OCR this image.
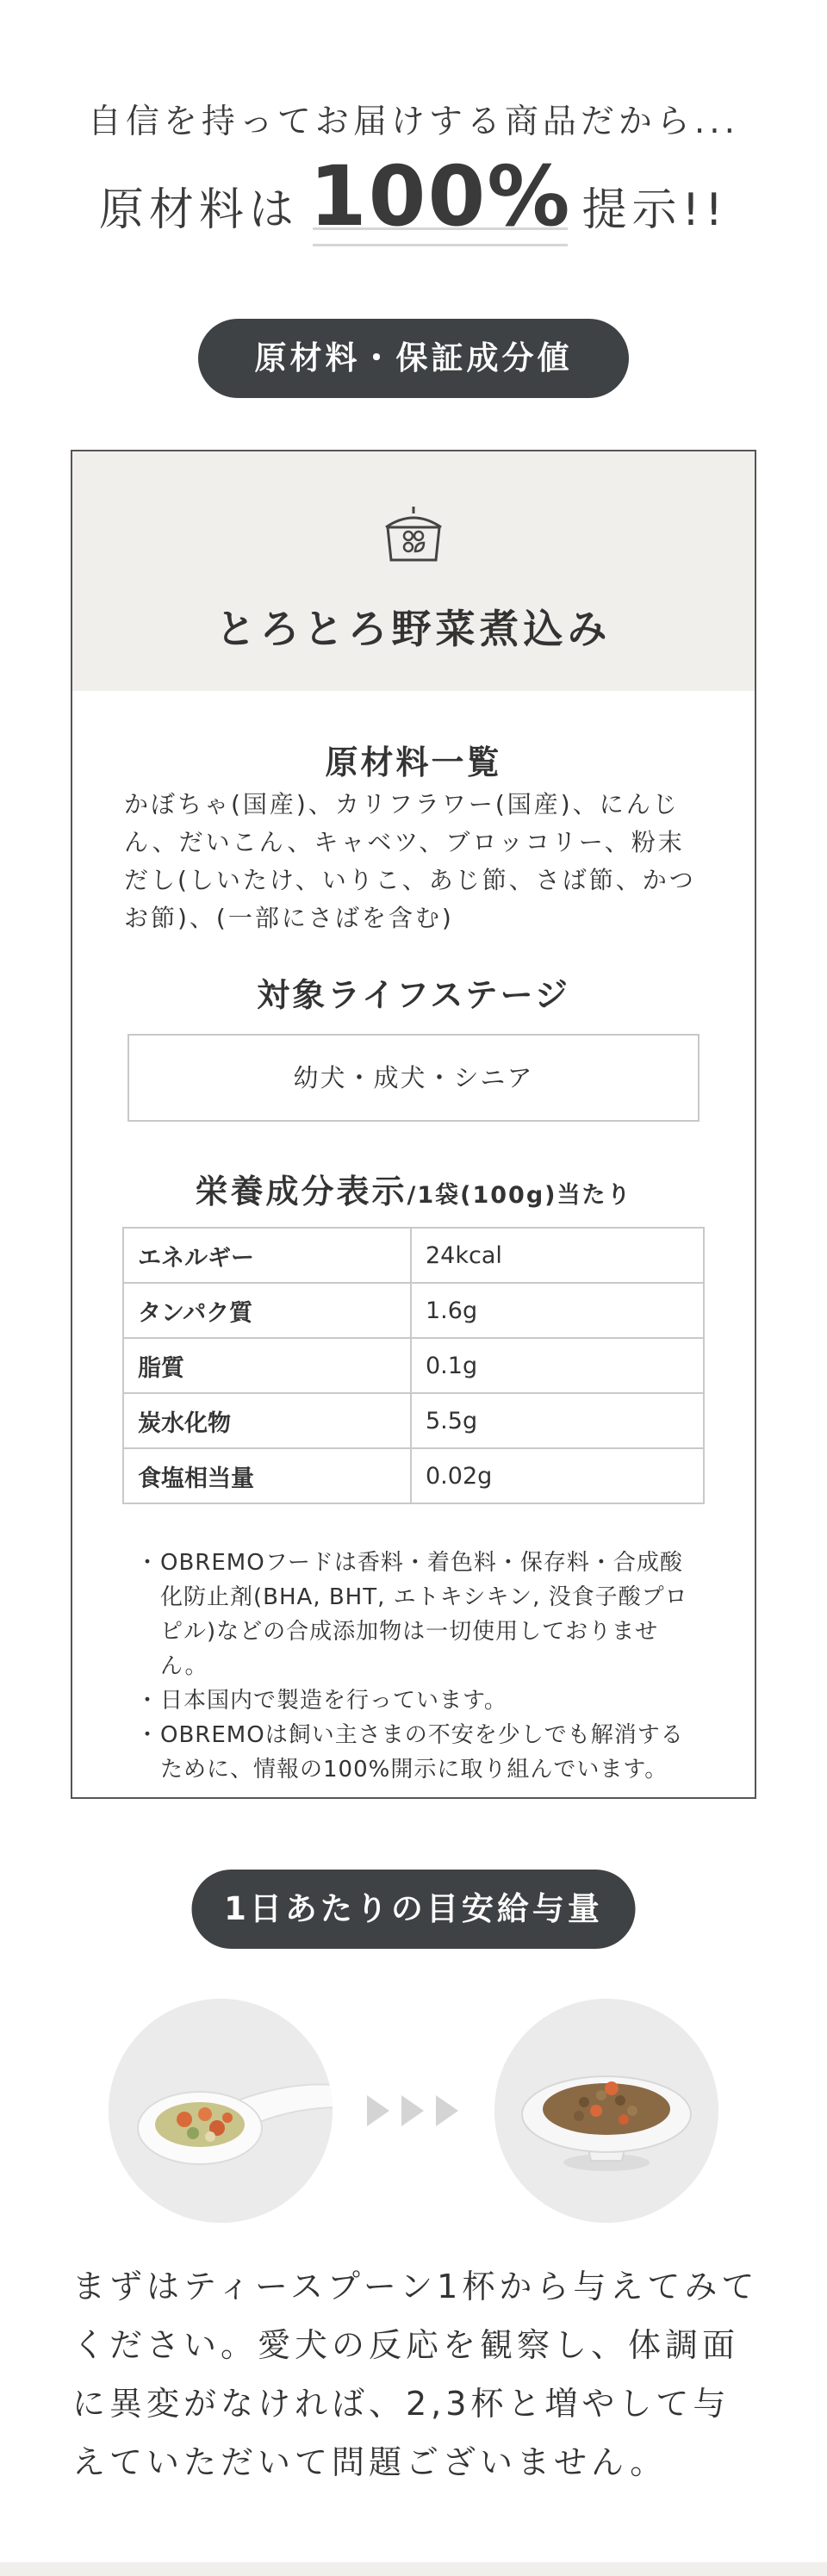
自信を持ってお届けする商品だから...
原材料は 100% 提示!!
原材料・保証成分値
とろとろ野菜煮込み
原材料一覧
かぼちゃ(国産)、カリフラワー(国産)、にんじん、だいこん、キャベツ、ブロッコリー、粉末だし(しいたけ、いりこ、あじ節、さば節、かつお節)、(一部にさばを含む)
対象ライフステージ
幼犬・成犬・シニア
栄養成分表示/1袋(100g)当たり
エネルギー	24kcal
タンパク質	1.6g
脂質	0.1g
炭水化物	5.5g
食塩相当量	0.02g
・ OBREMOフードは香料・着色料・保存料・合成酸化防止剤(BHA, BHT, エトキシキン, 没食子酸プロピル)などの合成添加物は一切使用しておりません。
・ 日本国内で製造を行っています。
・ OBREMOは飼い主さまの不安を少しでも解消するために、情報の100%開示に取り組んでいます。
1日あたりの目安給与量
まずはティースプーン1杯から与えてみてください。愛犬の反応を観察し、体調面に異変がなければ、2,3杯と増やして与えていただいて問題ございません。
